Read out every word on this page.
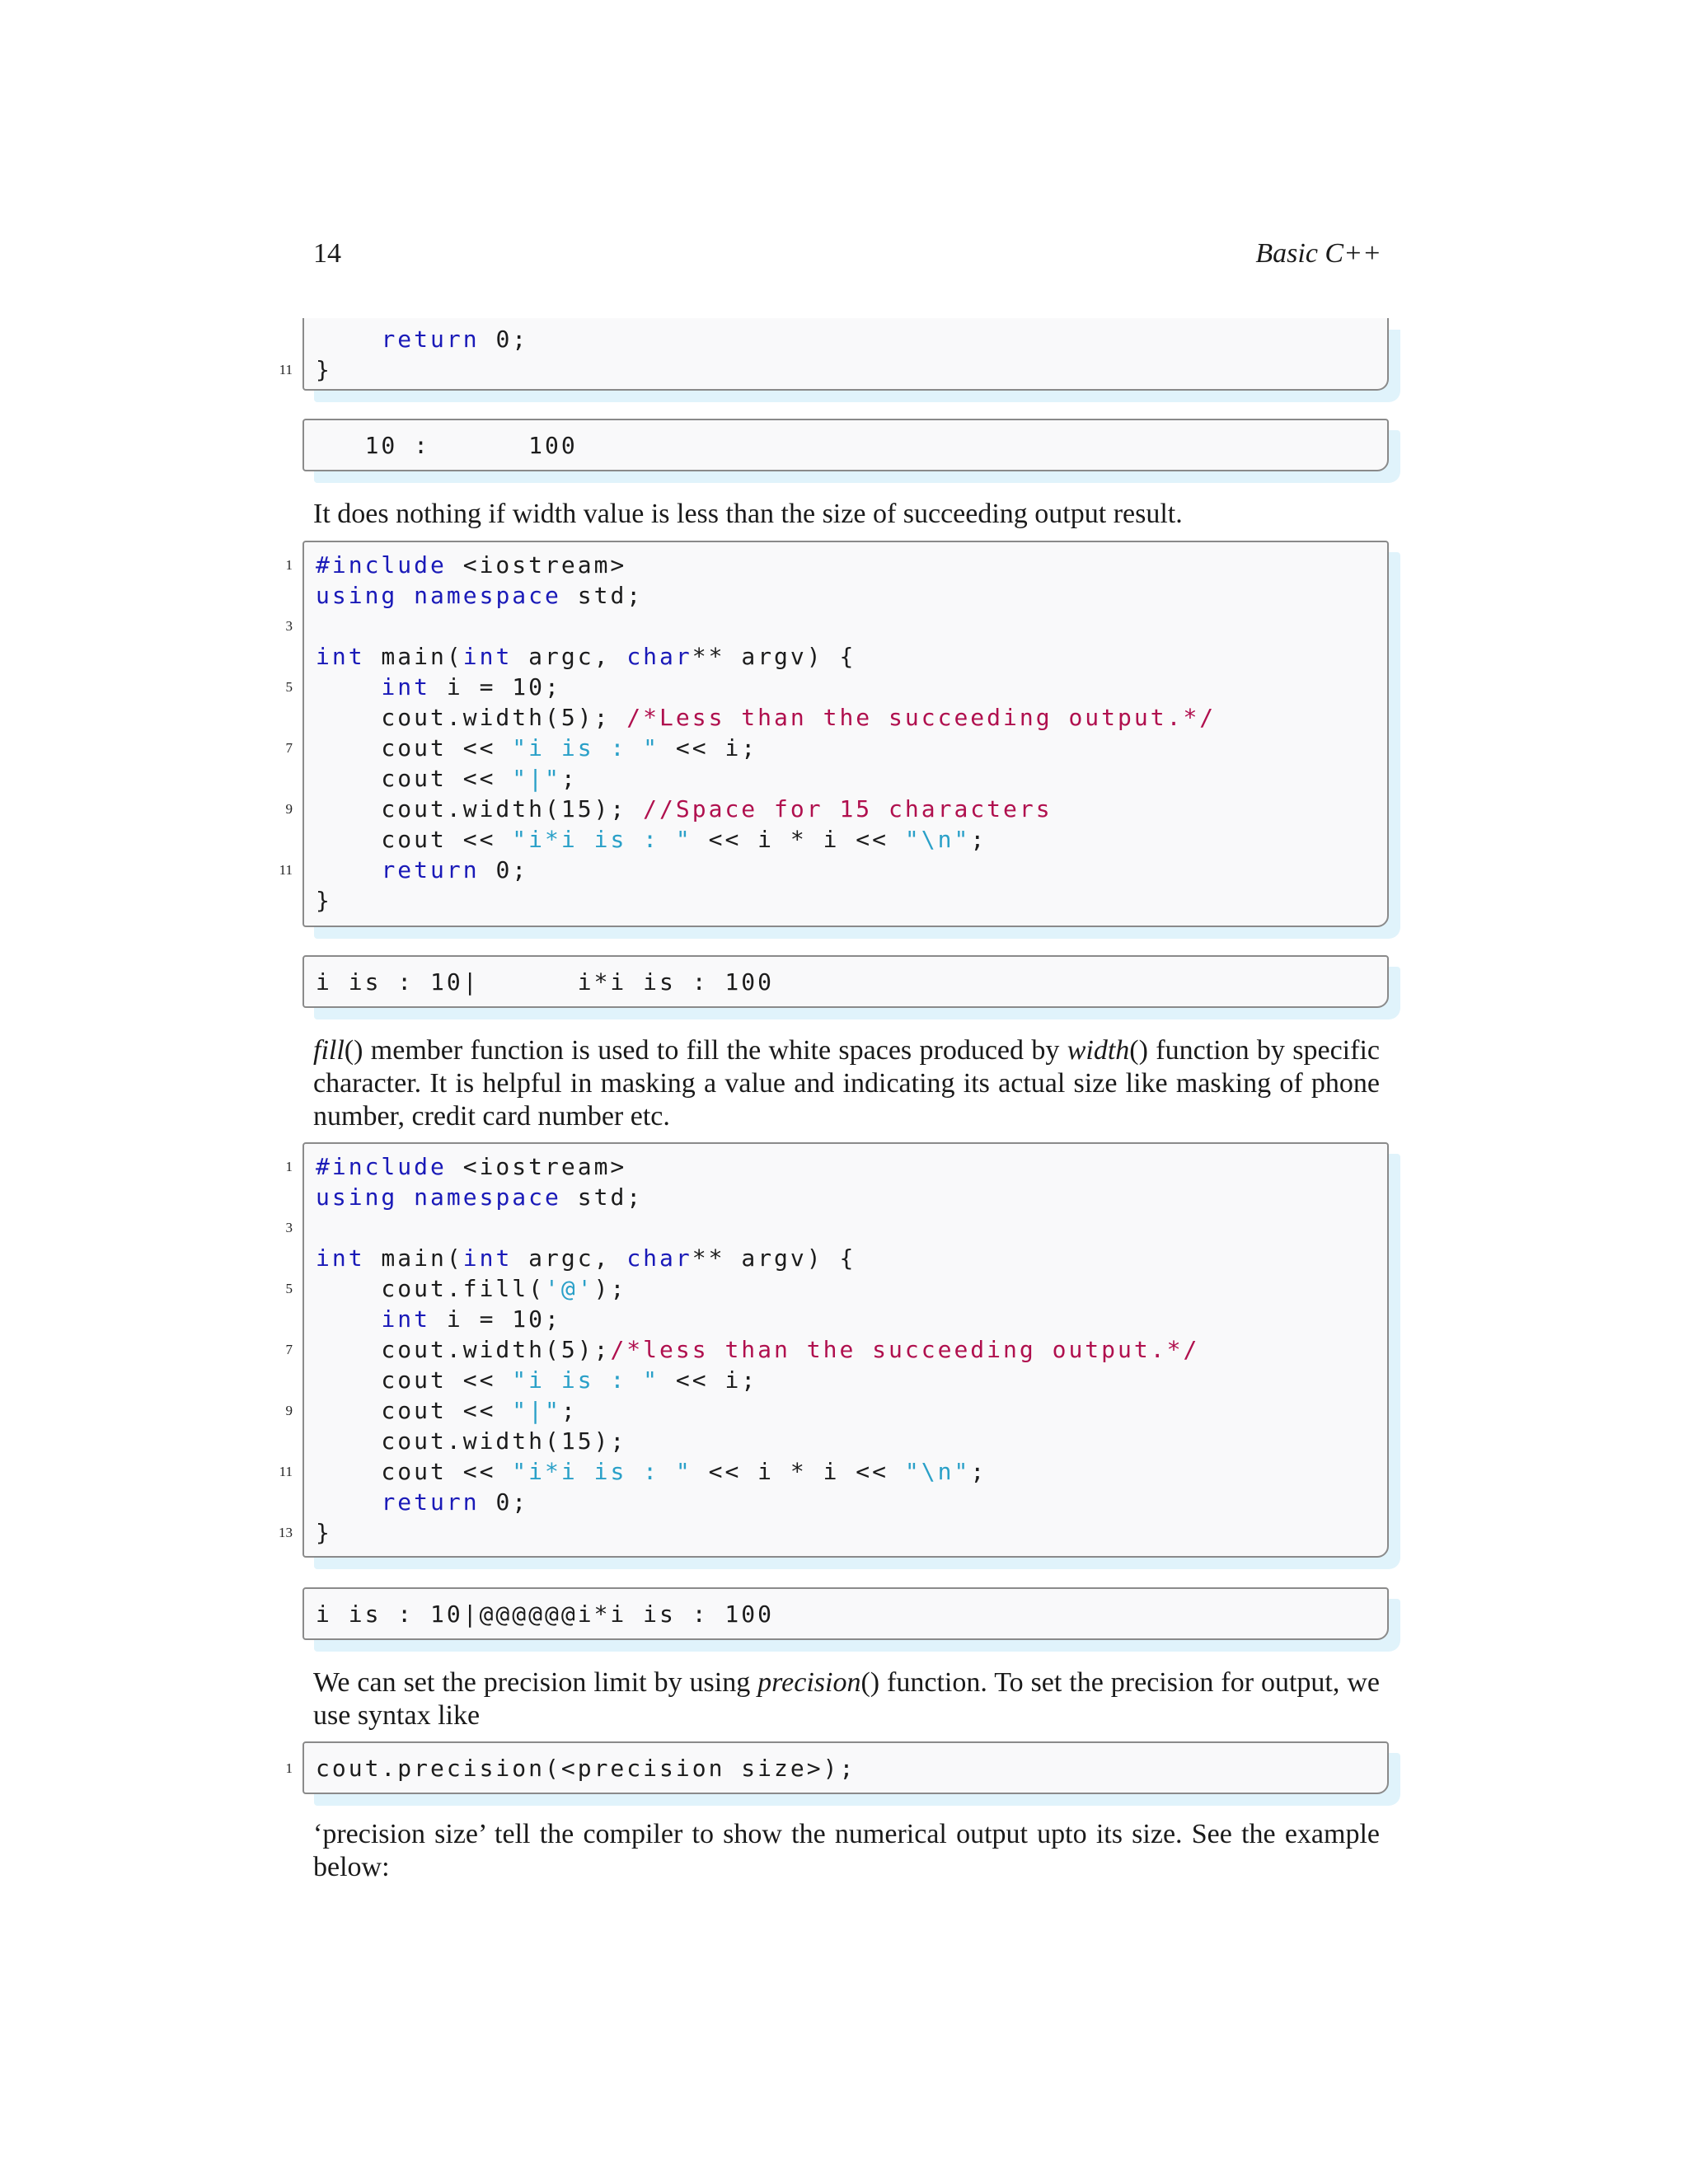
14	Basic C++
return 0;
11 }
10 :      100

It does nothing if width value is less than the size of succeeding output result.

1 #include <iostream>
using namespace std;
3
int main(int argc, char** argv) {
5	int i = 10;
cout.width(5); /*Less than the succeeding output.*/
7 cout << "i is : " << i;
cout << "|";
9 cout.width(15); //Space for 15 characters
cout << "i*i is : " << i * i << "\n";
11	return 0;
}
i is : 10|      i*i is : 100

fill() member function is used to fill the white spaces produced by width() function by specific character. It is helpful in masking a value and indicating its actual size like masking of phone number, credit card number etc.

1 #include <iostream>
using namespace std;
3
int main(int argc, char** argv) {
5 cout.fill('@');
int i = 10;
7 cout.width(5);/*less than the succeeding output.*/
cout << "i is : " << i;
9 cout << "|";
cout.width(15);
11 cout << "i*i is : " << i * i << "\n";
return 0;
13 }
i is : 10|@@@@@@i*i is : 100

We can set the precision limit by using precision() function. To set the precision for output, we use syntax like

1 cout.precision(<precision size>);

‘precision size’ tell the compiler to show the numerical output upto its size. See the example below:
